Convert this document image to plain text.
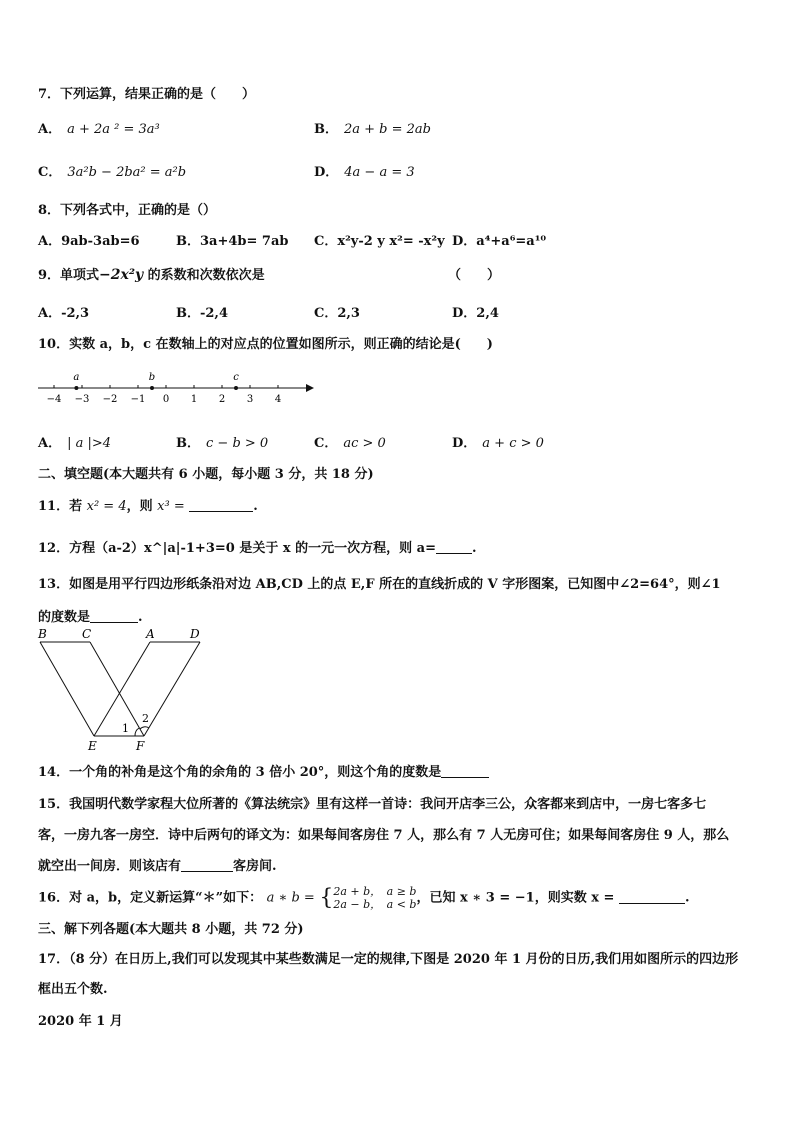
7．下列运算，结果正确的是（　　）
A． a + 2a ² = 3a³	B． 2a + b = 2ab
C． 3a²b − 2ba² = a²b	D． 4a − a = 3
8．下列各式中，正确的是（）
A．9ab-3ab=6	B．3a+4b= 7ab C．x²y-2 y x²= -x²y D．a⁴+a⁶=a¹⁰
9．单项式−2x²y 的系数和次数依次是	（　　）
A．-2,3	B．-2,4	C．2,3	D．2,4
10．实数 a，b，c 在数轴上的对应点的位置如图所示，则正确的结论是(　　)
−4 −3 −2 −1 0 1 2 3 4
a	b	c
A． | a |>4	B． c − b > 0	C． ac > 0	D． a + c > 0
二、填空题(本大题共有 6 小题，每小题 3 分，共 18 分)
11．若 x² = 4，则 x³ =	.
12．方程（a-2）x^|a|-1+3=0 是关于 x 的一元一次方程，则 a=	.
13．如图是用平行四边形纸条沿对边 AB,CD 上的点 E,F 所在的直线折成的 V 字形图案，已知图中∠2=64°，则∠1
的度数是	.
B	C	A	D
E	F
1
2
14．一个角的补角是这个角的余角的 3 倍小 20°，则这个角的度数是
15．我国明代数学家程大位所著的《算法统宗》里有这样一首诗：我问开店李三公，众客都来到店中，一房七客多七
客，一房九客一房空．诗中后两句的译文为：如果每间客房住 7 人，那么有 7 人无房可住；如果每间客房住 9 人，那么
就空出一间房．则该店有	客房间.
16．对 a，b，定义新运算“＊”如下： a ∗ b = {2a + b，　a ≥ b
2a − b，　a < b，已知 x ∗ 3 = −1，则实数 x =	.
三、解下列各题(本大题共 8 小题，共 72 分)
17．（8 分）在日历上,我们可以发现其中某些数满足一定的规律,下图是 2020 年 1 月份的日历,我们用如图所示的四边形
框出五个数.
2020 年 1 月
